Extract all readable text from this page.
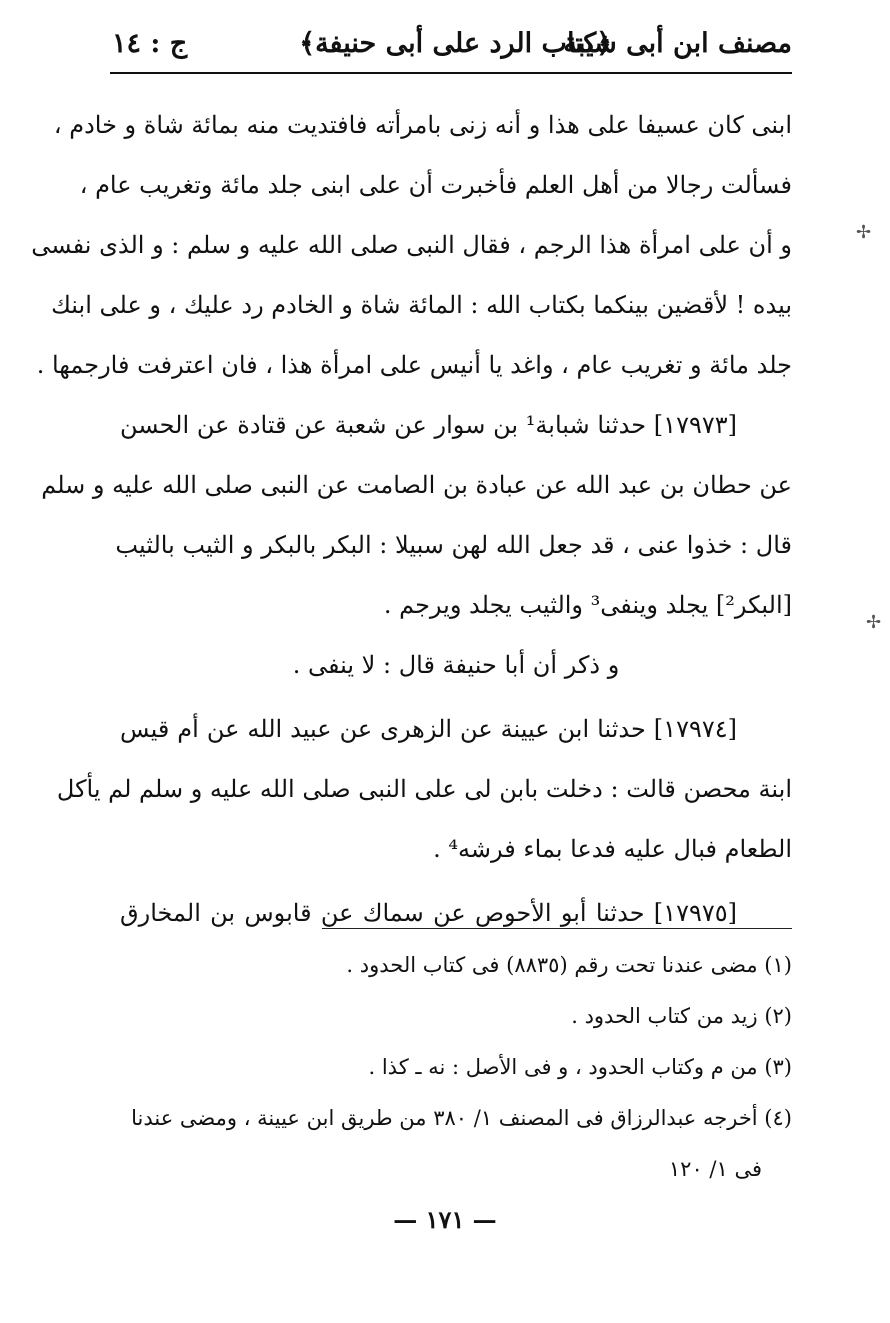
مصنف ابن أبى شيبة
﴿كتاب الرد على أبى حنيفة﴾
ج : ١٤
ابنى كان عسيفا على هذا و أنه زنى بامرأته فافتديت منه بمائة شاة و خادم ،
فسألت رجالا من أهل العلم فأخبرت أن على ابنى جلد مائة وتغريب عام ،
و أن على امرأة هذا الرجم ، فقال النبى صلى الله عليه و سلم : و الذى نفسى
بيده ! لأقضين بينكما بكتاب الله : المائة شاة و الخادم رد عليك ، و على ابنك
جلد مائة و تغريب عام ، واغد يا أنيس على امرأة هذا ، فان اعترفت فارجمها .
[١٧٩٧٣] حدثنا شبابة¹ بن سوار عن شعبة عن قتادة عن الحسن
عن حطان بن عبد الله عن عبادة بن الصامت عن النبى صلى الله عليه و سلم
قال : خذوا عنى ، قد جعل الله لهن سبيلا : البكر بالبكر و الثيب بالثيب
[البكر²] يجلد وينفى³ والثيب يجلد ويرجم .
و ذكر أن أبا حنيفة قال : لا ينفى .
[١٧٩٧٤] حدثنا ابن عيينة عن الزهرى عن عبيد الله عن أم قيس
ابنة محصن قالت : دخلت بابن لى على النبى صلى الله عليه و سلم لم يأكل
الطعام فبال عليه فدعا بماء فرشه⁴ .
[١٧٩٧٥] حدثنا أبو الأحوص عن سماك عن قابوس بن المخارق
(١) مضى عندنا تحت رقم (٨٨٣٥) فى كتاب الحدود .
(٢) زيد من كتاب الحدود .
(٣) من م وكتاب الحدود ، و فى الأصل : نه ـ كذا .
(٤) أخرجه عبدالرزاق فى المصنف ١/ ٣٨٠ من طريق ابن عيينة ، ومضى عندنا
فى ١/ ١٢٠
— ١٧١ —
✢
✢
